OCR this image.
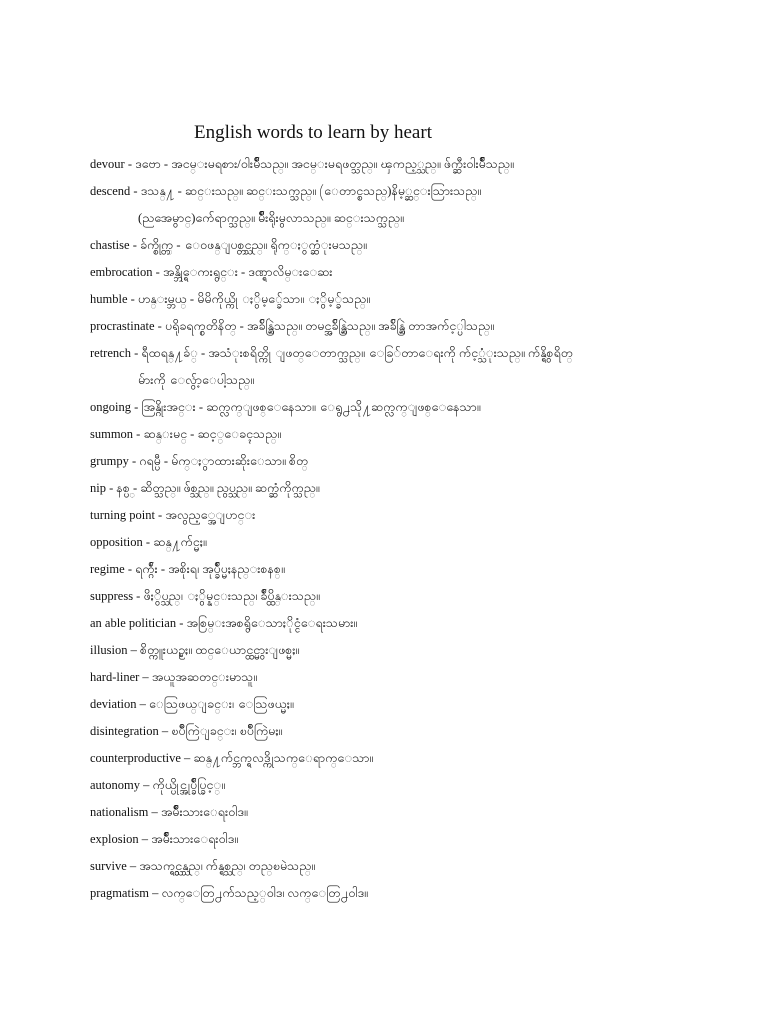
English words to learn by heart
devour - ဒဗော - အငမ္းမရစား/ဝါးမ်ိဳသည္။ အငမ္းမရဖတ္သည္။ ၾကည့္သည္။ ဖ်က္ဆီးဝါးမ်ိဳသည္။
descend - ဒသန္႔ - ဆင္းသည္။ ဆင္းသက္သည္။ (ေတာင္စသည္)နိမ့္ဆင္းသြားသည္။
(ညအေမွာင္)က်ေရာက္သည္။ မ်ိဳးရိုးမွလာသည္။ ဆင္းသက္သည္။
chastise - ခ်က္စ္တိုက္ - ေဝဖန္ျပစ္တင္သည္။ ရိုက္ႏွက္ဆံုးမသည္။
embrocation - အန္ဘ္ရိုေကးရွင္း - ဒဏ္ရာလိမ္းေဆး
humble - ဟန္းမ္ဘယ္ - မိမိကိုယ္ကို ႏွိမ့္ခ်ေသာ။ ႏွိမ့္ခ်သည္။
procrastinate - ပရိုခရက္စတိနိတ္ - အခ်ိန္ဆြဲသည္။ တမင္အခ်ိန္ဆြဲသည္။ အခ်ိန္ဆြဲ တာအက်င့္ပါသည္။
retrench - ရီထရန္႔ခ်္ - အသံုးစရိတ္ကို ျဖတ္ေတာက္သည္။ ေခြ်တာေရးကို က်င့္သံုးသည္။ က်န္ရွိစရိတ္
မ်ားကို ေလွ်ာ့ေပါ့သည္။
ongoing - အြန္ဂိုးအင္း - ဆက္လက္ျဖစ္ေနေသာ။ ေရွ႕သို႔ဆက္လက္ျဖစ္ေနေသာ။
summon - ဆန္းမင္ - ဆင့္ေခၚသည္။
grumpy - ဂရမ္ပီ - မ်က္ႏွာထားဆိုးေသာ။ စိတ္
nip - နစ္ပ္ - ဆိတ္သည္။ ဖ်စ္သည္။ ညွပ္သည္။ ဆက္ဆံကိုက္သည္။
turning point - အလွည့္အေျပာင္း
opposition - ဆန္႔က်င္မႈ။
regime - ရက္ဂ်ီး - အစိုးရ၊ အုပ္ခ်ဳပ္မႈနည္းစနစ္။
suppress - ဖိႏွိပ္သည္၊ ႏွိမ္နင္းသည္၊ ခ်ဳပ္ထိန္းသည္။
an able politician - အစြမ္းအစရွိေသာႏိုင္ငံေရးသမား။
illusion – စိတ္ကူးယဥ္မႈ။ ထင္ေယာင္ထင္မွားျဖစ္မႈ။
hard-liner – အယူအဆတင္းမာသူ။
deviation – ေသြဖယ္ျခင္း၊ ေသြဖယ္မႈ။
disintegration – ၿပိဳကြဲျခင္း၊ ၿပိဳကြဲမႈ။
counterproductive – ဆန္႔က်င္ဘက္ရလဒ္ကိုသက္ေရာက္ေသာ။
autonomy – ကိုယ္ပိုင္အုပ္ခ်ဳပ္ခြင့္။
nationalism – အမ်ိဳးသားေရးဝါဒ။
explosion – အမ်ိဳးသားေရးဝါဒ။
survive – အသက္ရွင္သန္သည္၊ က်န္ရစ္သည္၊ တည္ၿမဲသည္။
pragmatism – လက္ေတြ႕က်သည့္ဝါဒ၊ လက္ေတြ႕ဝါဒ။
